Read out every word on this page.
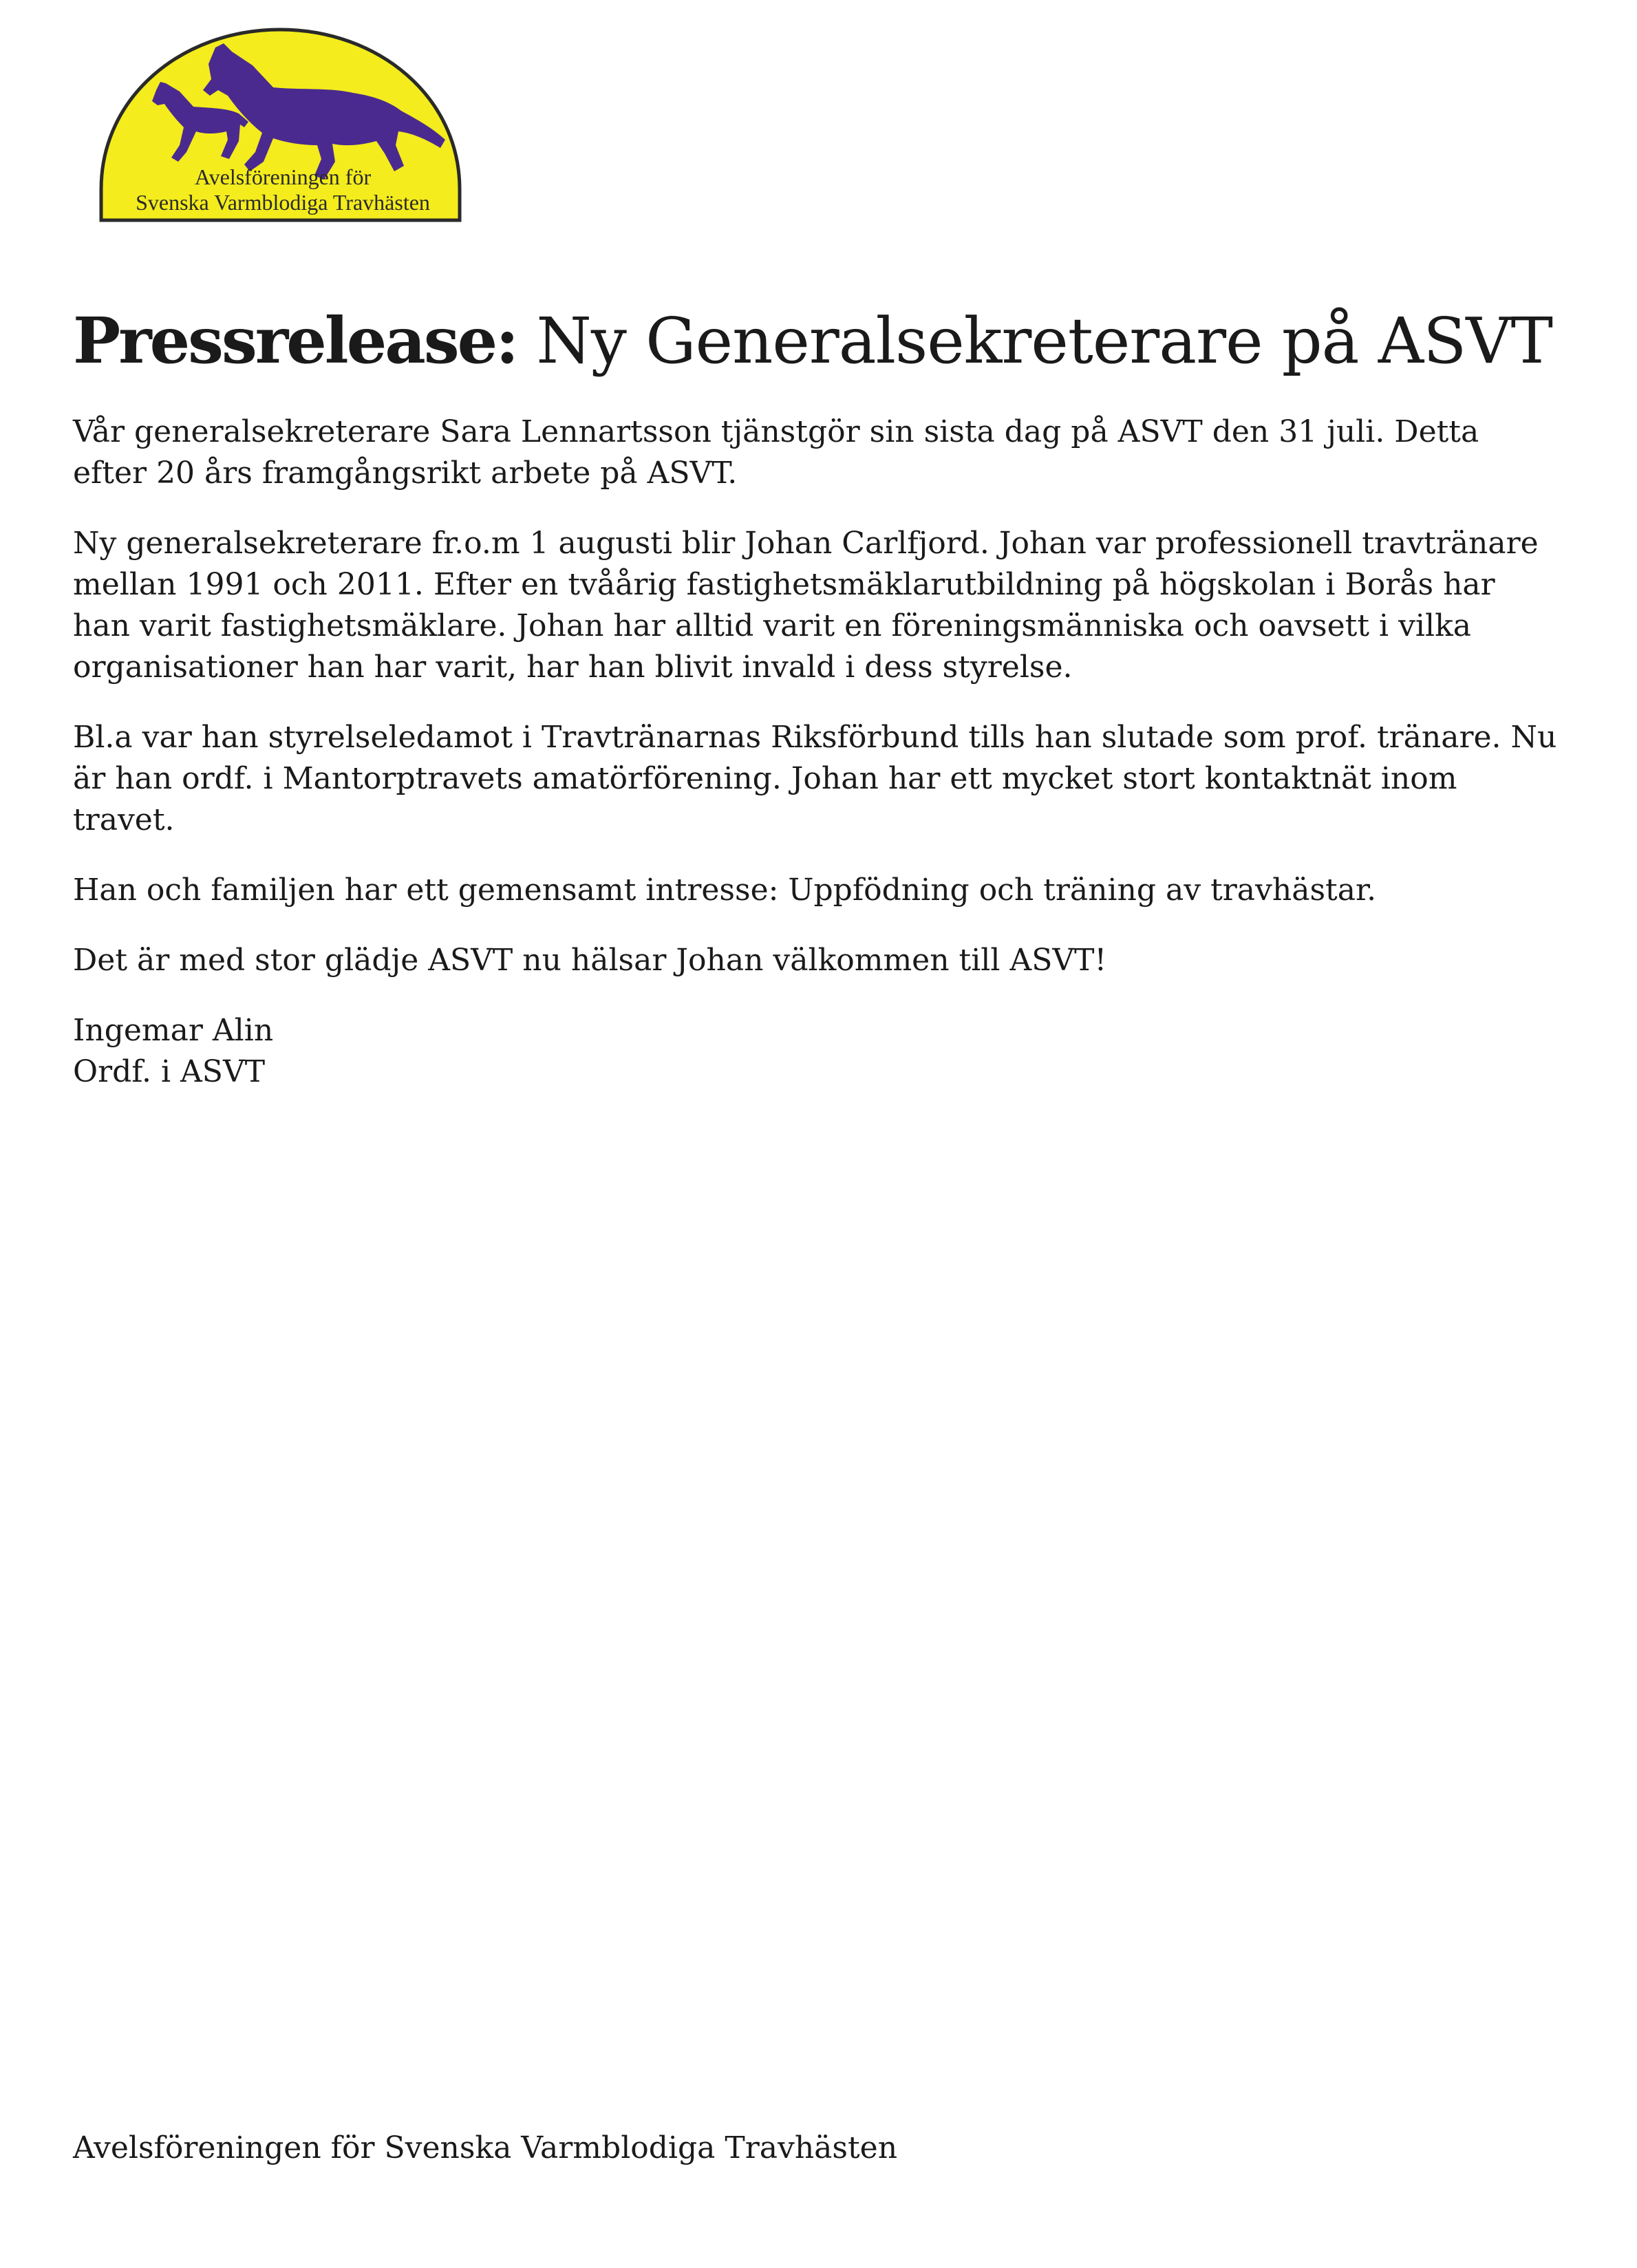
Avelsföreningen för
Svenska Varmblodiga Travhästen
Pressrelease: Ny Generalsekreterare på ASVT

Vår generalsekreterare Sara Lennartsson tjänstgör sin sista dag på ASVT den 31 juli. Detta efter 20 års framgångsrikt arbete på ASVT.

Ny generalsekreterare fr.o.m 1 augusti blir Johan Carlfjord. Johan var professionell travtränare mellan 1991 och 2011. Efter en tvåårig fastighetsmäklarutbildning på högskolan i Borås har han varit fastighetsmäklare. Johan har alltid varit en föreningsmänniska och oavsett i vilka organisationer han har varit, har han blivit invald i dess styrelse.

Bl.a var han styrelseledamot i Travtränarnas Riksförbund tills han slutade som prof. tränare. Nu är han ordf. i Mantorptravets amatörförening. Johan har ett mycket stort kontaktnät inom travet.

Han och familjen har ett gemensamt intresse: Uppfödning och träning av travhästar.

Det är med stor glädje ASVT nu hälsar Johan välkommen till ASVT!

Ingemar Alin
Ordf. i ASVT
Avelsföreningen för Svenska Varmblodiga Travhästen
